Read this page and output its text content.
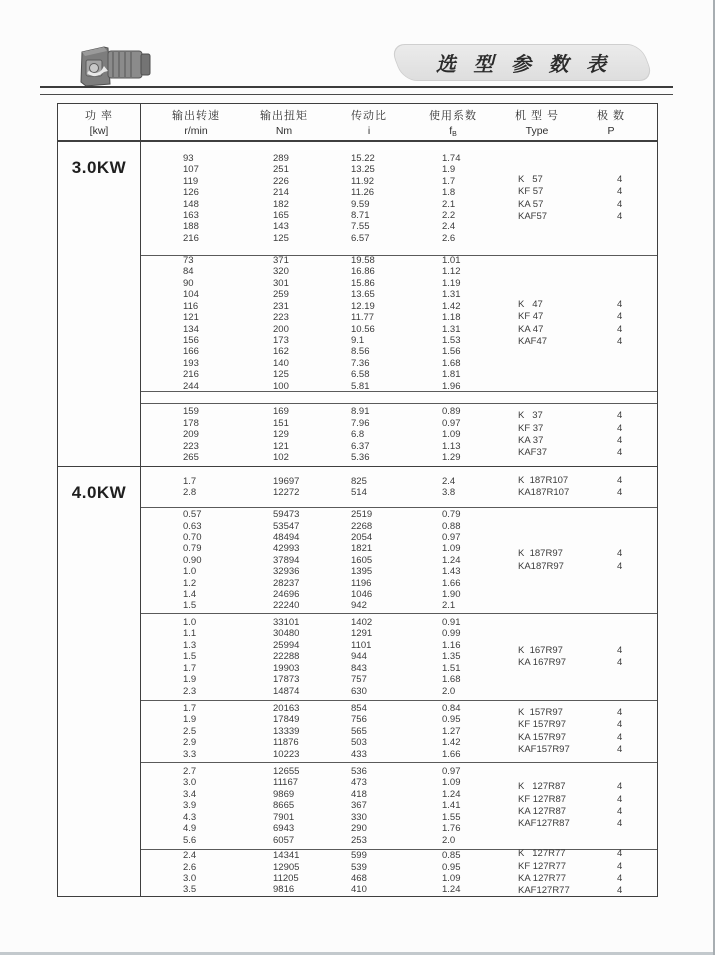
选 型 参 数 表
功 率
[kw]
输出转速
r/min
输出扭矩
Nm
传动比
i
使用系数
$f_B$
机 型 号
Type
极 数
P
3.0KW	93
107
119
126
148
163
188
216
289
251
226
214
182
165
143
125
15.22
13.25
11.92
11.26
9.59
8.71
7.55
6.57
1.74
1.9
1.7
1.8
2.1
2.2
2.4
2.6
K   57
KF 57
KA 57
KAF57
4
4
4
4
73
84
90
104
116
121
134
156
166
193
216
244
371
320
301
259
231
223
200
173
162
140
125
100
19.58
16.86
15.86
13.65
12.19
11.77
10.56
9.1
8.56
7.36
6.58
5.81
1.01
1.12
1.19
1.31
1.42
1.18
1.31
1.53
1.56
1.68
1.81
1.96
K   47
KF 47
KA 47
KAF47
4
4
4
4
159
178
209
223
265
169
151
129
121
102
8.91
7.96
6.8
6.37
5.36
0.89
0.97
1.09
1.13
1.29
K   37
KF 37
KA 37
KAF37
4
4
4
4
4.0KW
1.7
2.8
19697
12272
825
514
2.4
3.8
K  187R107
KA187R107
4
4
0.57
0.63
0.70
0.79
0.90
1.0
1.2
1.4
1.5
59473
53547
48494
42993
37894
32936
28237
24696
22240
2519
2268
2054
1821
1605
1395
1196
1046
942
0.79
0.88
0.97
1.09
1.24
1.43
1.66
1.90
2.1
K  187R97
KA187R97
4
4
1.0
1.1
1.3
1.5
1.7
1.9
2.3
33101
30480
25994
22288
19903
17873
14874
1402
1291
1101
944
843
757
630
0.91
0.99
1.16
1.35
1.51
1.68
2.0
K  167R97
KA 167R97
4
4
1.7
1.9
2.5
2.9
3.3
20163
17849
13339
11876
10223
854
756
565
503
433
0.84
0.95
1.27
1.42
1.66
K  157R97
KF 157R97
KA 157R97
KAF157R97
4
4
4
4
2.7
3.0
3.4
3.9
4.3
4.9
5.6
12655
11167
9869
8665
7901
6943
6057
536
473
418
367
330
290
253
0.97
1.09
1.24
1.41
1.55
1.76
2.0
K   127R87
KF 127R87
KA 127R87
KAF127R87
4
4
4
4
2.4
2.6
3.0
3.5
14341
12905
11205
9816
599
539
468
410
0.85
0.95
1.09
1.24
K   127R77
KF 127R77
KA 127R77
KAF127R77
4
4
4
4
